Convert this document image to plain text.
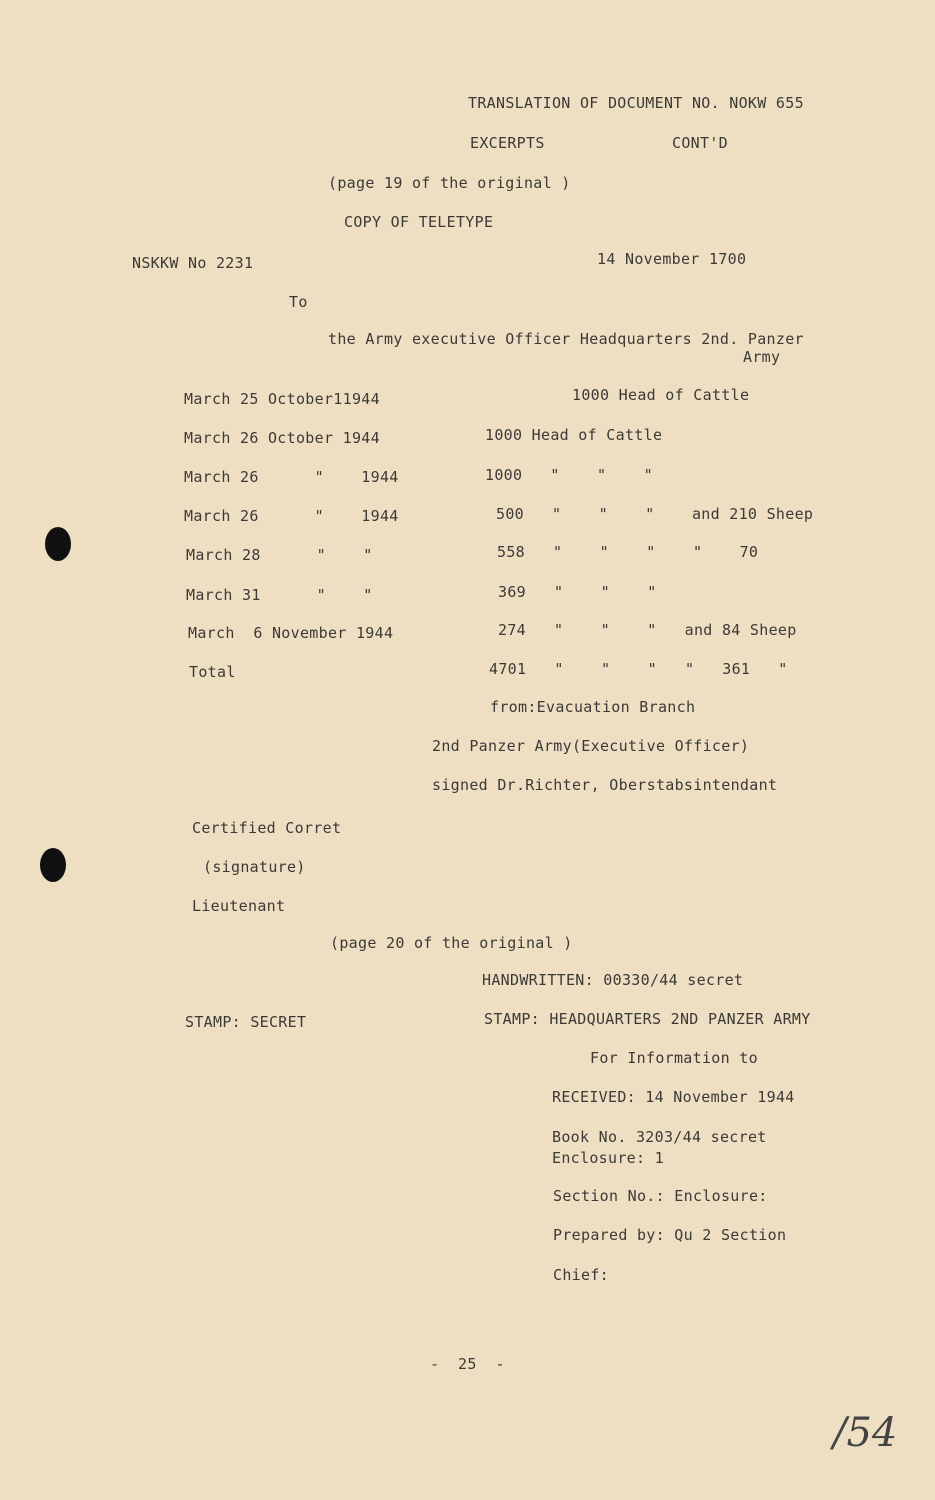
TRANSLATION OF DOCUMENT NO. NOKW 655
EXCERPTS	CONT'D
(page 19 of the original )
COPY OF TELETYPE
NSKKW No 2231	14 November 1700
To
the Army executive Officer Headquarters 2nd. Panzer
Army
March 25 October11944	1000 Head of Cattle
March 26 October 1944	1000 Head of Cattle
March 26      "    1944	1000   "    "    "
March 26      "    1944	500   "    "    "    and 210 Sheep
March 28      "    "	558   "    "    "    "    70
March 31      "    "	369   "    "    "
March  6 November 1944	274   "    "    "   and 84 Sheep
Total	4701   "    "    "   "   361   "
from:Evacuation Branch
2nd Panzer Army(Executive Officer)
signed Dr.Richter, Oberstabsintendant
Certified Corret
(signature)
Lieutenant
(page 20 of the original )
HANDWRITTEN: 00330/44 secret
STAMP: SECRET	STAMP: HEADQUARTERS 2ND PANZER ARMY
For Information to
RECEIVED: 14 November 1944
Book No. 3203/44 secret
Enclosure: 1
Section No.: Enclosure:
Prepared by: Qu 2 Section
Chief:
-  25  -
/54
